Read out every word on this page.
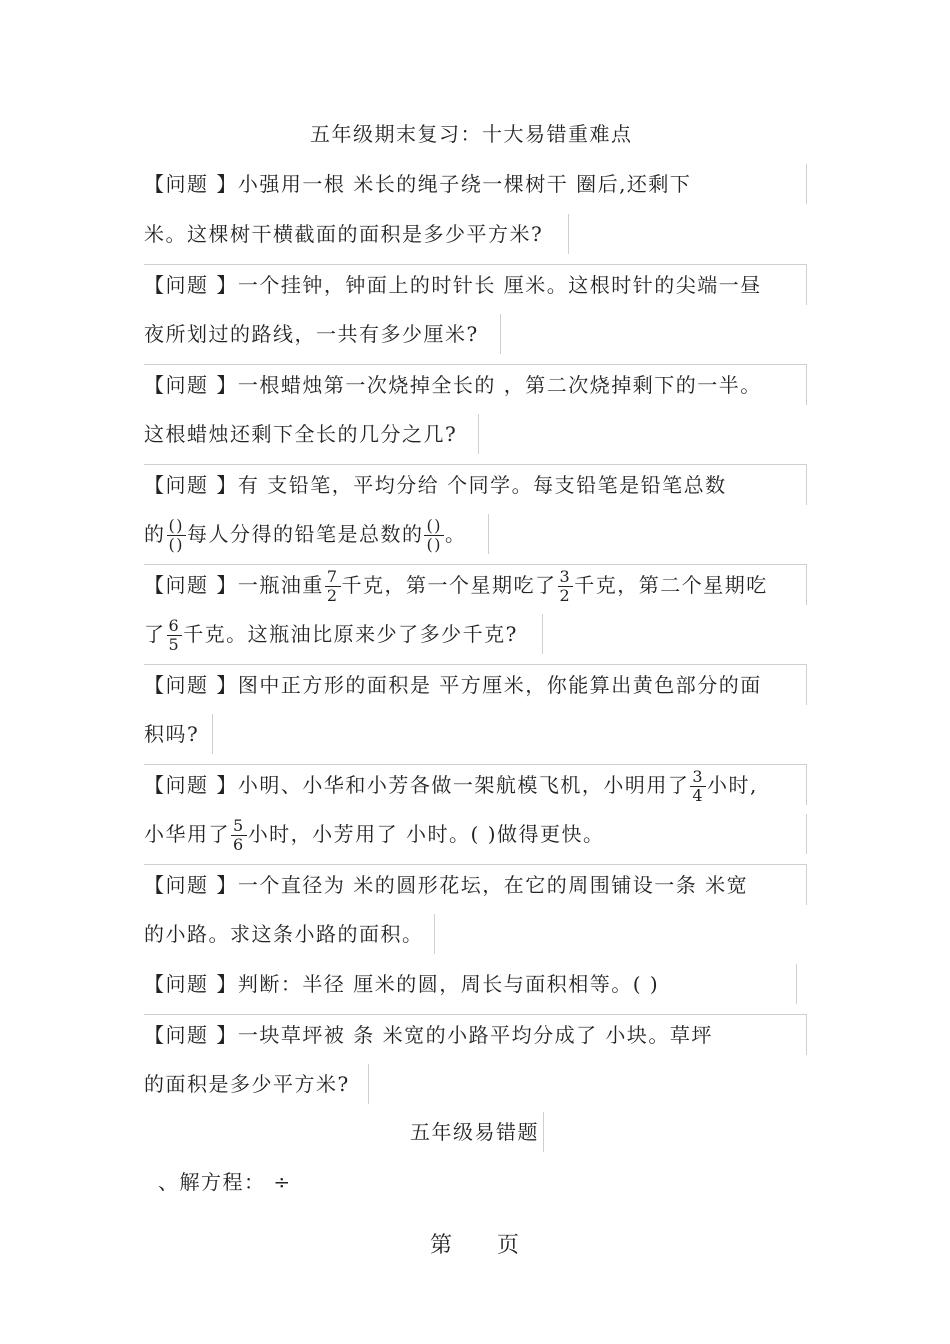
五年级期末复习：十大易错重难点
【问题 】小强用一根 米长的绳子绕一棵树干 圈后,还剩下
米。这棵树干横截面的面积是多少平方米?
【问题 】一个挂钟，钟面上的时针长 厘米。这根时针的尖端一昼
夜所划过的路线，一共有多少厘米?
【问题 】一根蜡烛第一次烧掉全长的 ，第二次烧掉剩下的一半。
这根蜡烛还剩下全长的几分之几?
【问题 】有 支铅笔，平均分给 个同学。每支铅笔是铅笔总数
的 $\frac{()}{()}$ 每人分得的铅笔是总数的 $\frac{()}{()}$ 。
【问题 】一瓶油重 $\frac{7}{2}$ 千克，第一个星期吃了 $\frac{3}{2}$ 千克，第二个星期吃
了 $\frac{6}{5}$ 千克。这瓶油比原来少了多少千克?
【问题 】图中正方形的面积是 平方厘米，你能算出黄色部分的面
积吗?
【问题 】小明、小华和小芳各做一架航模飞机，小明用了 $\frac{3}{4}$ 小时,
小华用了 $\frac{5}{6}$ 小时，小芳用了 小时。( )做得更快。
【问题 】一个直径为 米的圆形花坛，在它的周围铺设一条 米宽
的小路。求这条小路的面积。
【问题 】判断：半径 厘米的圆，周长与面积相等。( )
【问题 】一块草坪被 条 米宽的小路平均分成了 小块。草坪
的面积是多少平方米?
五年级易错题
、解方程： ÷
第 页
